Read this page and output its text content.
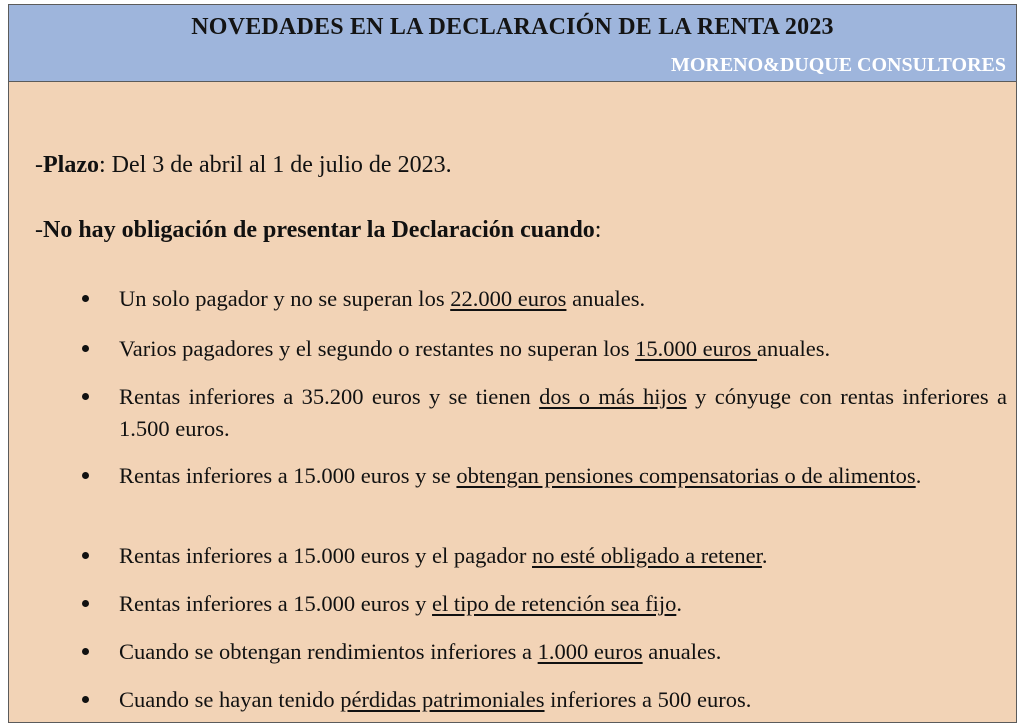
NOVEDADES EN LA DECLARACIÓN DE LA RENTA 2023
MORENO&DUQUE CONSULTORES

-Plazo: Del 3 de abril al 1 de julio de 2023.

-No hay obligación de presentar la Declaración cuando:

Un solo pagador y no se superan los 22.000 euros anuales.
Varios pagadores y el segundo o restantes no superan los 15.000 euros anuales.
Rentas inferiores a 35.200 euros y se tienen dos o más hijos y cónyuge con rentas inferiores a 1.500 euros.
Rentas inferiores a 15.000 euros y se obtengan pensiones compensatorias o de alimentos.
Rentas inferiores a 15.000 euros y el pagador no esté obligado a retener.
Rentas inferiores a 15.000 euros y el tipo de retención sea fijo.
Cuando se obtengan rendimientos inferiores a 1.000 euros anuales.
Cuando se hayan tenido pérdidas patrimoniales inferiores a 500 euros.
